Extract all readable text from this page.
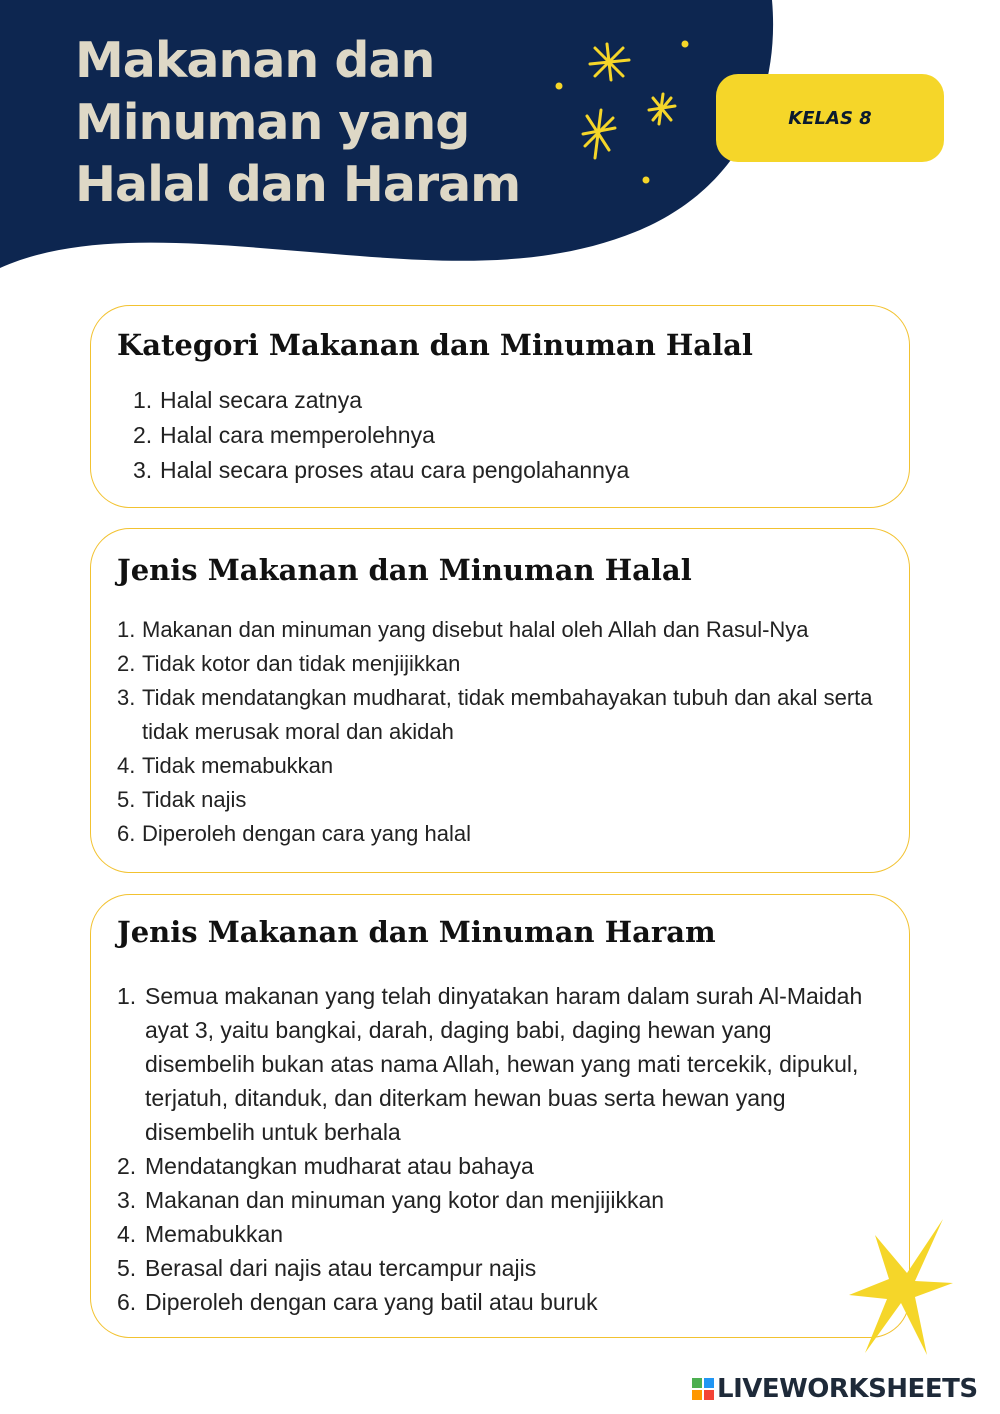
Makanan dan
Minuman yang
Halal dan Haram
KELAS 8
Kategori Makanan dan Minuman Halal
1. Halal secara zatnya
2. Halal cara memperolehnya
3. Halal secara proses atau cara pengolahannya
Jenis Makanan dan Minuman Halal
1. Makanan dan minuman yang disebut halal oleh Allah dan Rasul-Nya
2. Tidak kotor dan tidak menjijikkan
3. Tidak mendatangkan mudharat, tidak membahayakan tubuh dan akal serta tidak merusak moral dan akidah
4. Tidak memabukkan
5. Tidak najis
6. Diperoleh dengan cara yang halal
Jenis Makanan dan Minuman Haram
1. Semua makanan yang telah dinyatakan haram dalam surah Al-Maidah ayat 3, yaitu bangkai, darah, daging babi, daging hewan yang disembelih bukan atas nama Allah, hewan yang mati tercekik, dipukul, terjatuh, ditanduk, dan diterkam hewan buas serta hewan yang disembelih untuk berhala
2. Mendatangkan mudharat atau bahaya
3. Makanan dan minuman yang kotor dan menjijikkan
4. Memabukkan
5. Berasal dari najis atau tercampur najis
6. Diperoleh dengan cara yang batil atau buruk
LIVEWORKSHEETS
